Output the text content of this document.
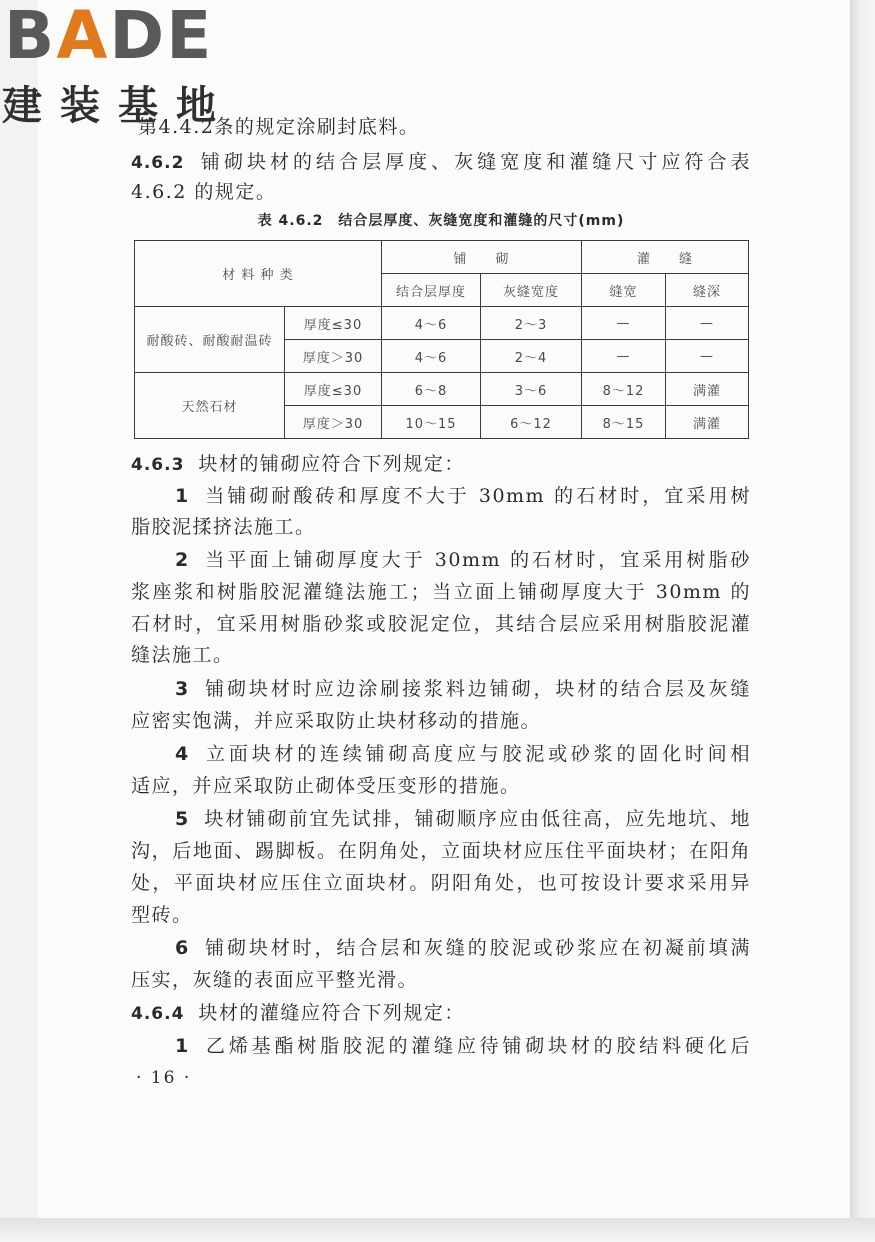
第4.4.2条的规定涂刷封底料。
BADE
建装基地
4.6.2 铺砌块材的结合层厚度、灰缝宽度和灌缝尺寸应符合表
4.6.2 的规定。
表 4.6.2　结合层厚度、灰缝宽度和灌缝的尺寸(mm)
材 料 种 类		铺　　砌		灌　　缝	
		结合层厚度	灰缝宽度	缝宽	缝深
耐酸砖、耐酸耐温砖	厚度≤30	4～6	2～3	—	—
	厚度＞30	4～6	2～4	—	—
天然石材	厚度≤30	6～8	3～6	8～12	满灌
	厚度＞30	10～15	6～12	8～15	满灌
4.6.3 块材的铺砌应符合下列规定：
1 当铺砌耐酸砖和厚度不大于 30mm 的石材时，宜采用树
脂胶泥揉挤法施工。
2 当平面上铺砌厚度大于 30mm 的石材时，宜采用树脂砂
浆座浆和树脂胶泥灌缝法施工；当立面上铺砌厚度大于 30mm 的
石材时，宜采用树脂砂浆或胶泥定位，其结合层应采用树脂胶泥灌
缝法施工。
3 铺砌块材时应边涂刷接浆料边铺砌，块材的结合层及灰缝
应密实饱满，并应采取防止块材移动的措施。
4 立面块材的连续铺砌高度应与胶泥或砂浆的固化时间相
适应，并应采取防止砌体受压变形的措施。
5 块材铺砌前宜先试排，铺砌顺序应由低往高，应先地坑、地
沟，后地面、踢脚板。在阴角处，立面块材应压住平面块材；在阳角
处，平面块材应压住立面块材。阴阳角处，也可按设计要求采用异
型砖。
6 铺砌块材时，结合层和灰缝的胶泥或砂浆应在初凝前填满
压实，灰缝的表面应平整光滑。
4.6.4 块材的灌缝应符合下列规定：
1 乙烯基酯树脂胶泥的灌缝应待铺砌块材的胶结料硬化后
· 16 ·
